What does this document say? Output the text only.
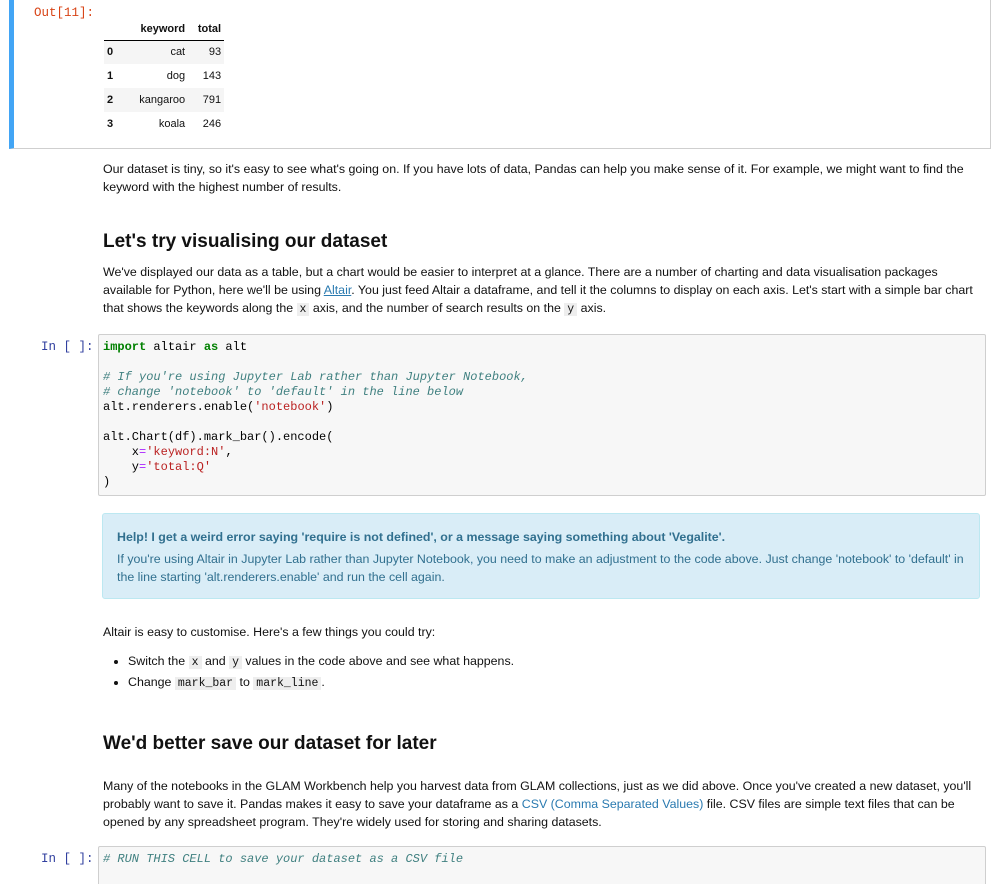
Out[11]:
	keyword	total
0	cat	93
1	dog	143
2	kangaroo	791
3	koala	246

Our dataset is tiny, so it's easy to see what's going on. If you have lots of data, Pandas can help you make sense of it. For example, we might want to find the keyword with the highest number of results.

Let's try visualising our dataset

We've displayed our data as a table, but a chart would be easier to interpret at a glance. There are a number of charting and data visualisation packages available for Python, here we'll be using Altair. You just feed Altair a dataframe, and tell it the columns to display on each axis. Let's start with a simple bar chart that shows the keywords along the x axis, and the number of search results on the y axis.

In [ ]: import altair as alt

# If you're using Jupyter Lab rather than Jupyter Notebook,
# change 'notebook' to 'default' in the line below
alt.renderers.enable('notebook')

alt.Chart(df).mark_bar().encode(
x='keyword:N',
y='total:Q'
)
Help! I get a weird error saying 'require is not defined', or a message saying something about 'Vegalite'.
If you're using Altair in Jupyter Lab rather than Jupyter Notebook, you need to make an adjustment to the code above. Just change 'notebook' to 'default' in the line starting 'alt.renderers.enable' and run the cell again.

Altair is easy to customise. Here's a few things you could try:

• Switch the x and y values in the code above and see what happens.
• Change mark_bar to mark_line .
We'd better save our dataset for later

Many of the notebooks in the GLAM Workbench help you harvest data from GLAM collections, just as we did above. Once you've created a new dataset, you'll probably want to save it. Pandas makes it easy to save your dataframe as a CSV (Comma Separated Values) file. CSV files are simple text files that can be opened by any spreadsheet program. They're widely used for storing and sharing datasets.

In [ ]: # RUN THIS CELL to save your dataset as a CSV file
